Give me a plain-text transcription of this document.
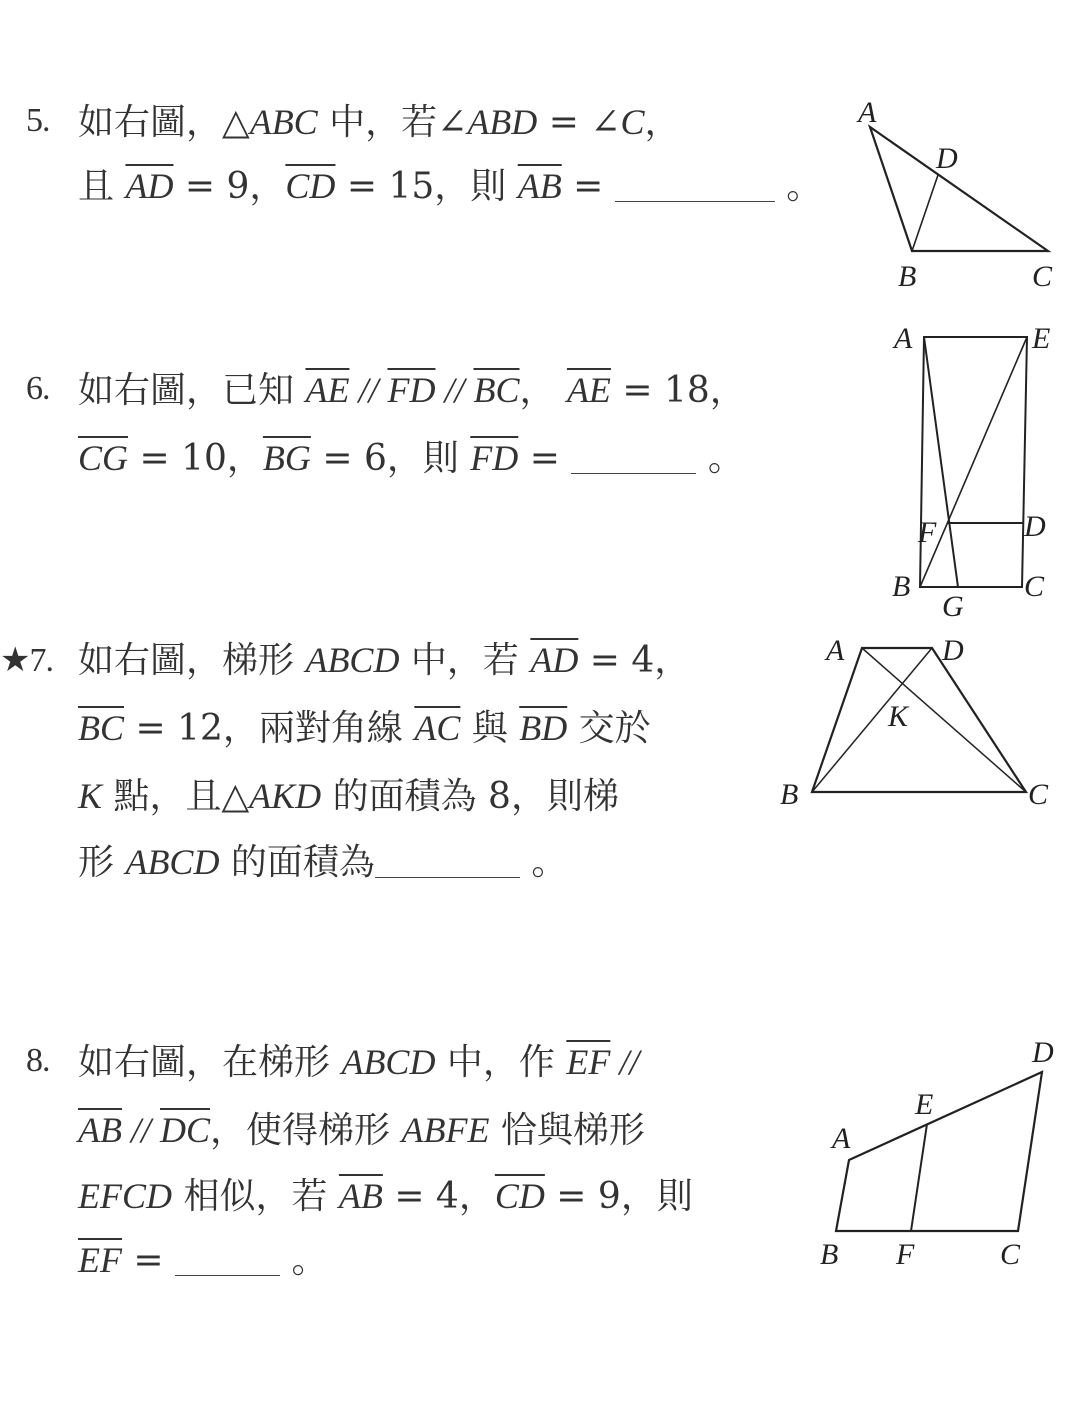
5. 如右圖，△ABC 中，若∠ABD = ∠C，
且 $\overline{AD} = 9$，$\overline{CD} = 15$，則 $\overline{AB}$ =	。
A
D
B	C
6. 如右圖，已知 $\overline{AE} // \overline{FD} // \overline{BC}$， $\overline{AE} = 18$，
$\overline{CG} = 10$，$\overline{BG} = 6$，則 $\overline{FD}$ =	。
A	E
F	D
B
G
C
★7. 如右圖，梯形 ABCD 中，若 $\overline{AD} = 4$，
$\overline{BC} = 12$，兩對角線 $\overline{AC}$ 與 $\overline{BD}$ 交於
K 點，且△AKD 的面積為 8，則梯
形 ABCD 的面積為	。
A	D
K
B	C
8. 如右圖，在梯形 ABCD 中，作 $\overline{EF}$ //
$\overline{AB} // \overline{DC}$，使得梯形 ABFE 恰與梯形
EFCD 相似，若 $\overline{AB} = 4$，$\overline{CD} = 9$，則
$\overline{EF}$ =	。
D
E
A
B F	C
